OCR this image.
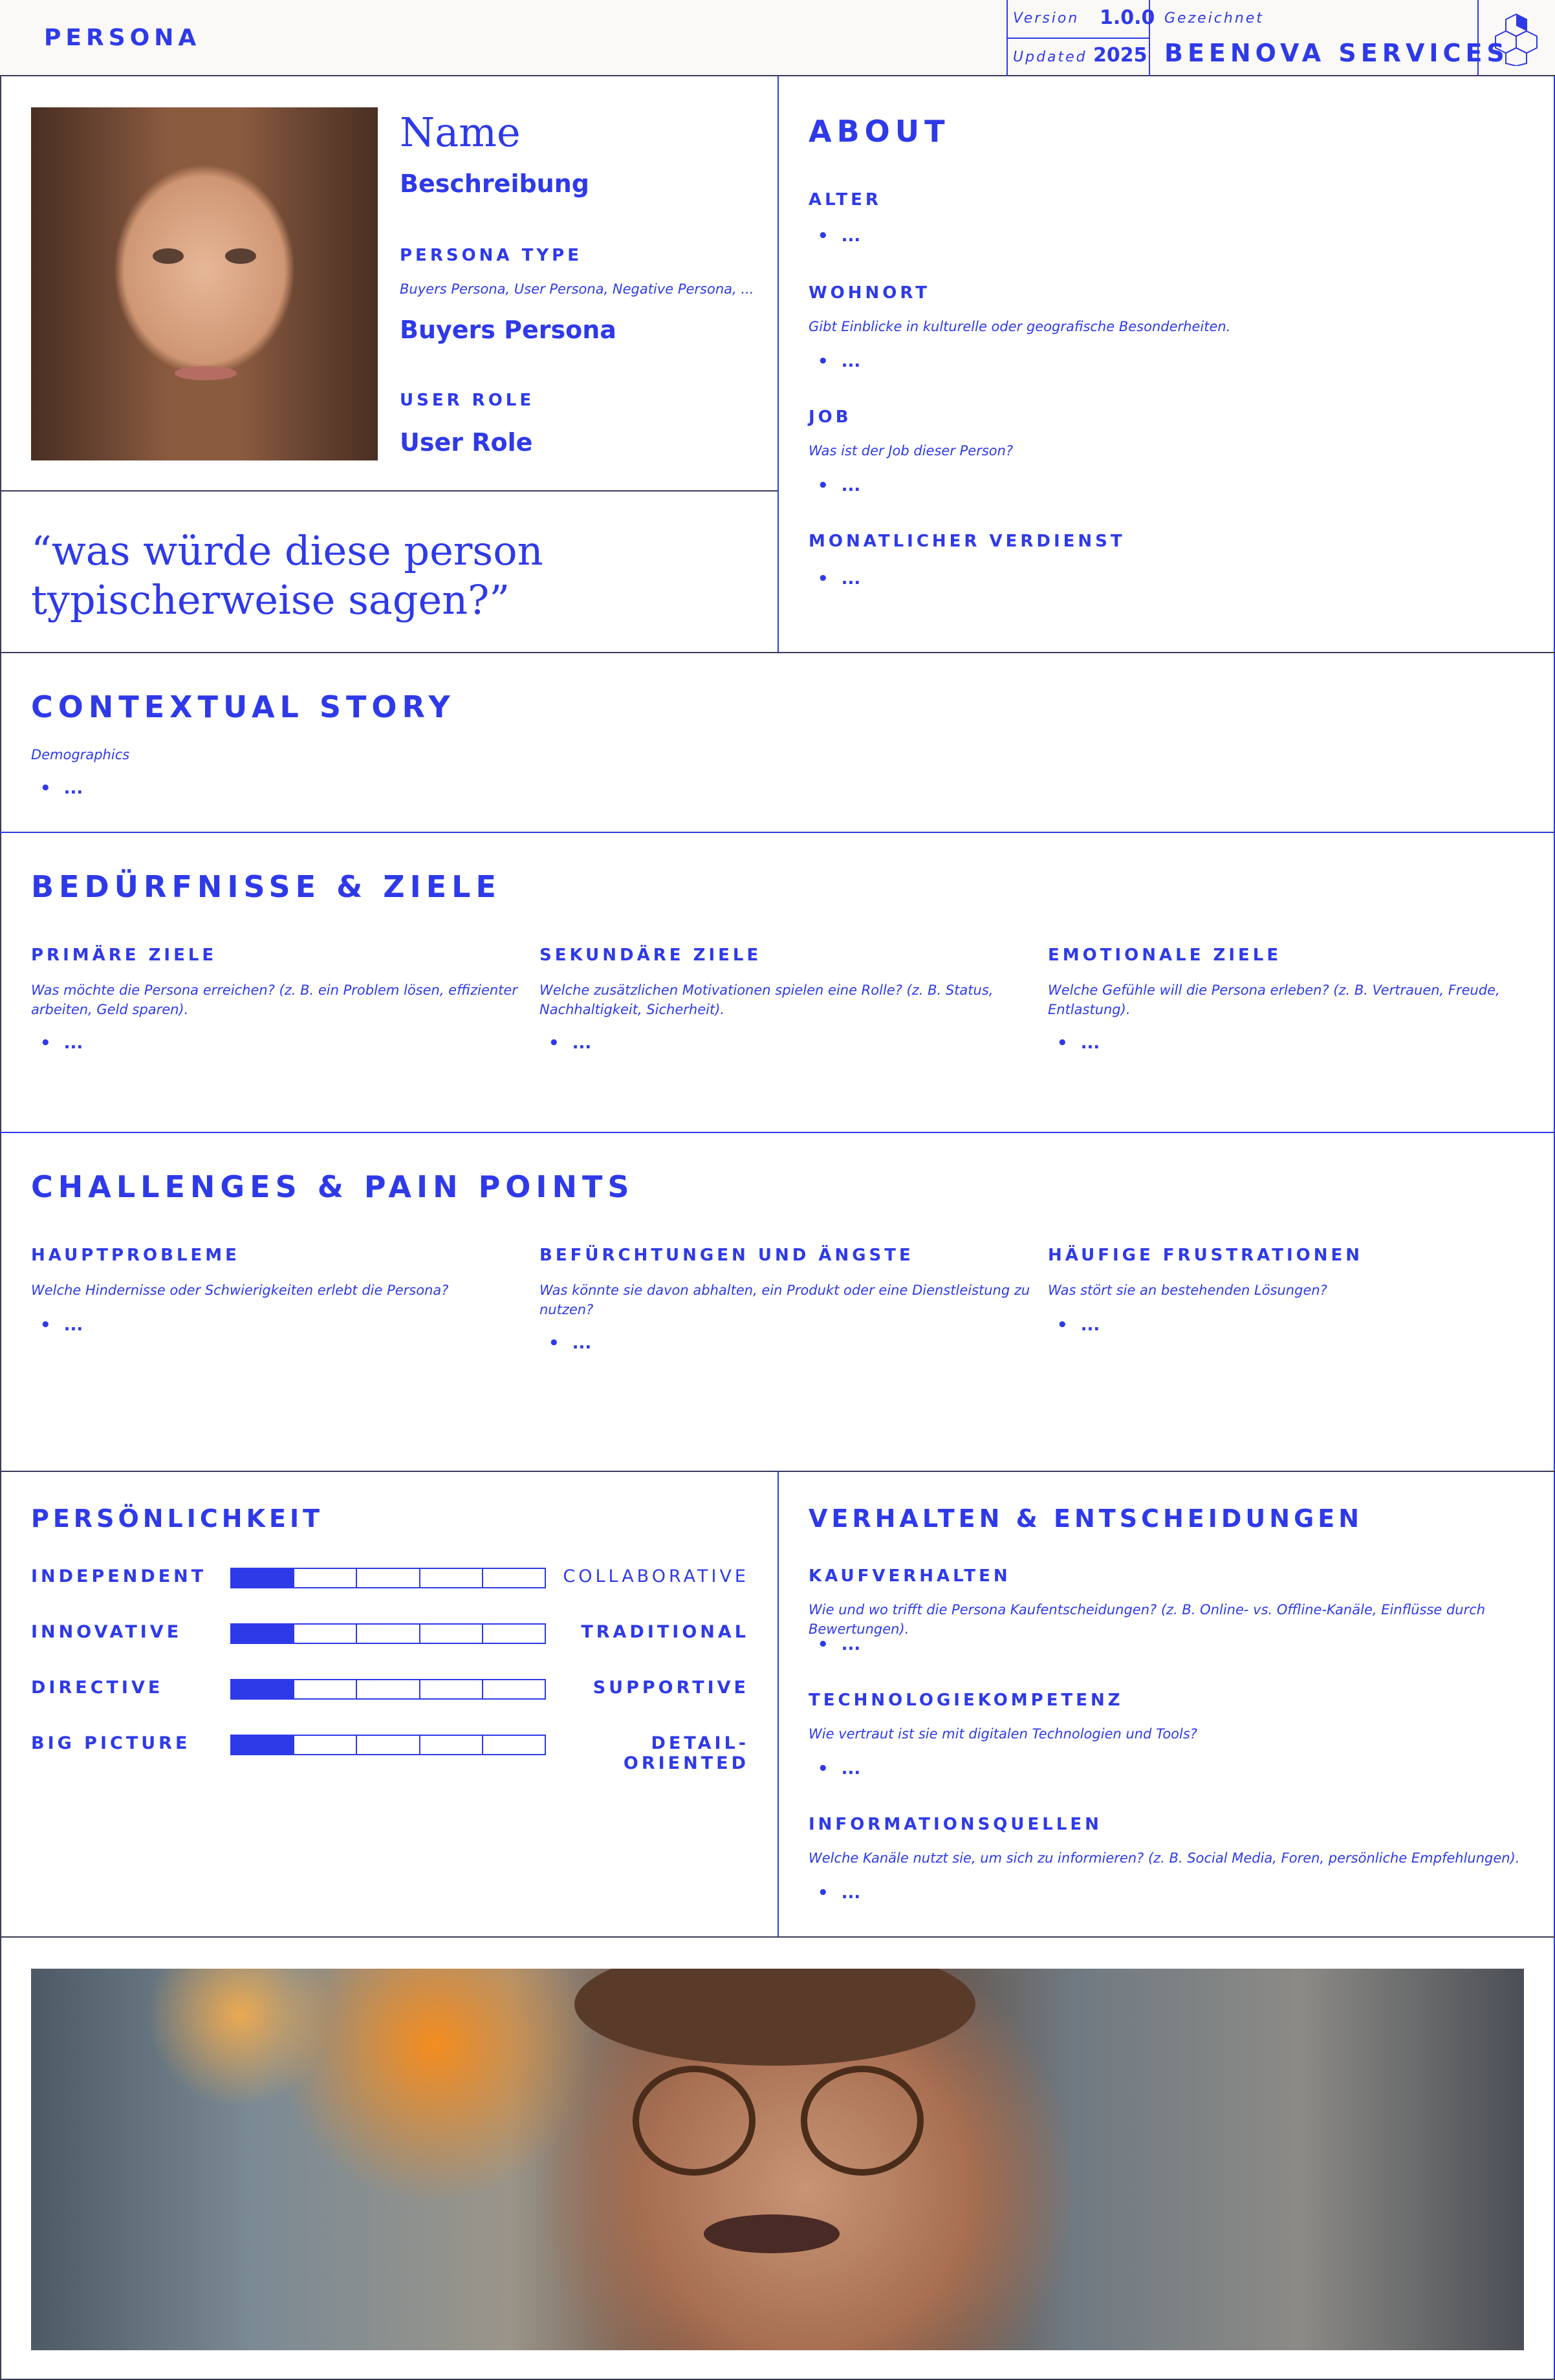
PERSONA
Version 1.0.0
Updated 2025
Gezeichnet
BEENOVA SERVICES
Name
Beschreibung
PERSONA TYPE
Buyers Persona, User Persona, Negative Persona, ...
Buyers Persona
USER ROLE
User Role
“was würde diese person
typischerweise sagen?”
ABOUT
ALTER
• ...
WOHNORT
Gibt Einblicke in kulturelle oder geografische Besonderheiten.
• ...
JOB
Was ist der Job dieser Person?
• ...
MONATLICHER VERDIENST
• ...
CONTEXTUAL STORY
Demographics
• ...
BEDÜRFNISSE & ZIELE
PRIMÄRE ZIELE
Was möchte die Persona erreichen? (z. B. ein Problem lösen, effizienter
arbeiten, Geld sparen).
• ...
SEKUNDÄRE ZIELE
Welche zusätzlichen Motivationen spielen eine Rolle? (z. B. Status,
Nachhaltigkeit, Sicherheit).
• ...
EMOTIONALE ZIELE
Welche Gefühle will die Persona erleben? (z. B. Vertrauen, Freude,
Entlastung).
• ...
CHALLENGES & PAIN POINTS
HAUPTPROBLEME
Welche Hindernisse oder Schwierigkeiten erlebt die Persona?
• ...
BEFÜRCHTUNGEN UND ÄNGSTE
Was könnte sie davon abhalten, ein Produkt oder eine Dienstleistung zu
nutzen?
• ...
HÄUFIGE FRUSTRATIONEN
Was stört sie an bestehenden Lösungen?
• ...
PERSÖNLICHKEIT
INDEPENDENT	COLLABORATIVE
INNOVATIVE	TRADITIONAL
DIRECTIVE	SUPPORTIVE
BIG PICTURE	DETAIL-ORIENTED
VERHALTEN & ENTSCHEIDUNGEN
KAUFVERHALTEN
Wie und wo trifft die Persona Kaufentscheidungen? (z. B. Online- vs. Offline-Kanäle, Einflüsse durch Bewertungen).
• ...
TECHNOLOGIEKOMPETENZ
Wie vertraut ist sie mit digitalen Technologien und Tools?
• ...
INFORMATIONSQUELLEN
Welche Kanäle nutzt sie, um sich zu informieren? (z. B. Social Media, Foren, persönliche Empfehlungen).
• ...
